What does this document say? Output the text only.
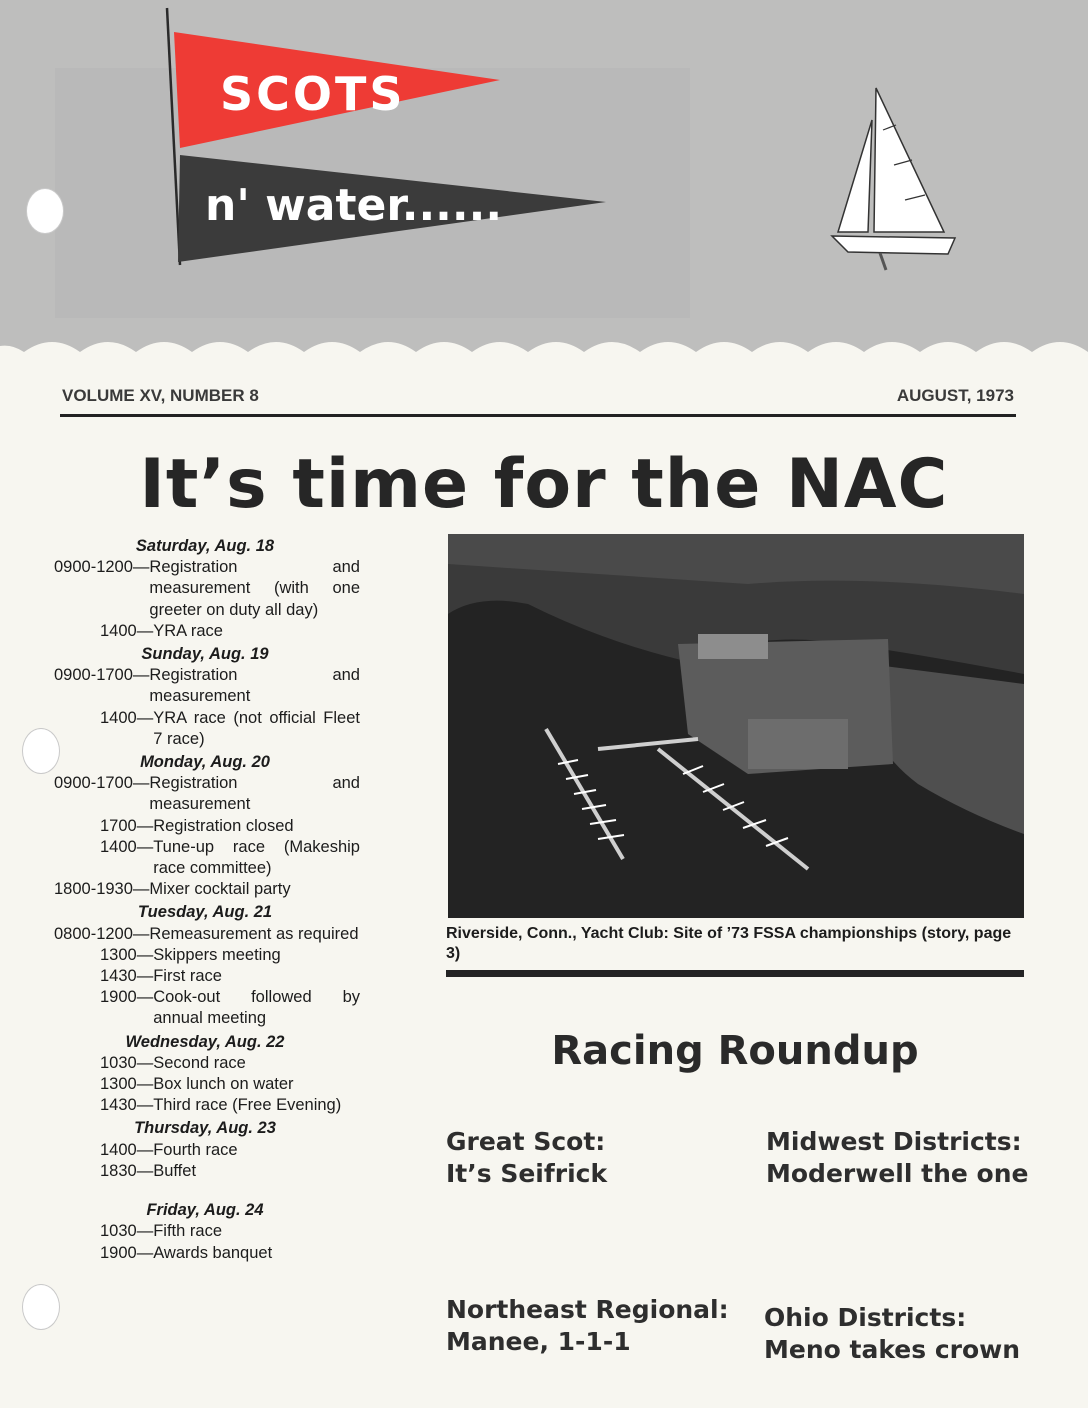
SCOTS
n' water......
VOLUME XV, NUMBER 8	AUGUST, 1973
It’s time for the NAC
Saturday, Aug. 18
0900-1200— Registration and measurement (with one greeter on duty all day)
1400— YRA race
Sunday, Aug. 19
0900-1700— Registration and measurement
1400— YRA race (not official Fleet 7 race)
Monday, Aug. 20
0900-1700— Registration and measurement
1700— Registration closed
1400— Tune-up race (Makeship race committee)
1800-1930— Mixer cocktail party
Tuesday, Aug. 21
0800-1200— Remeasurement as required
1300— Skippers meeting
1430— First race
1900— Cook-out followed by annual meeting
Wednesday, Aug. 22
1030— Second race
1300— Box lunch on water
1430— Third race (Free Evening)
Thursday, Aug. 23
1400— Fourth race
1830— Buffet
Friday, Aug. 24
1030— Fifth race
1900— Awards banquet
Riverside, Conn., Yacht Club: Site of ’73 FSSA championships (story, page 3)
Racing Roundup
Great Scot:
It’s Seifrick
Midwest Districts:
Moderwell the one
Northeast Regional:
Manee, 1-1-1
Ohio Districts:
Meno takes crown
